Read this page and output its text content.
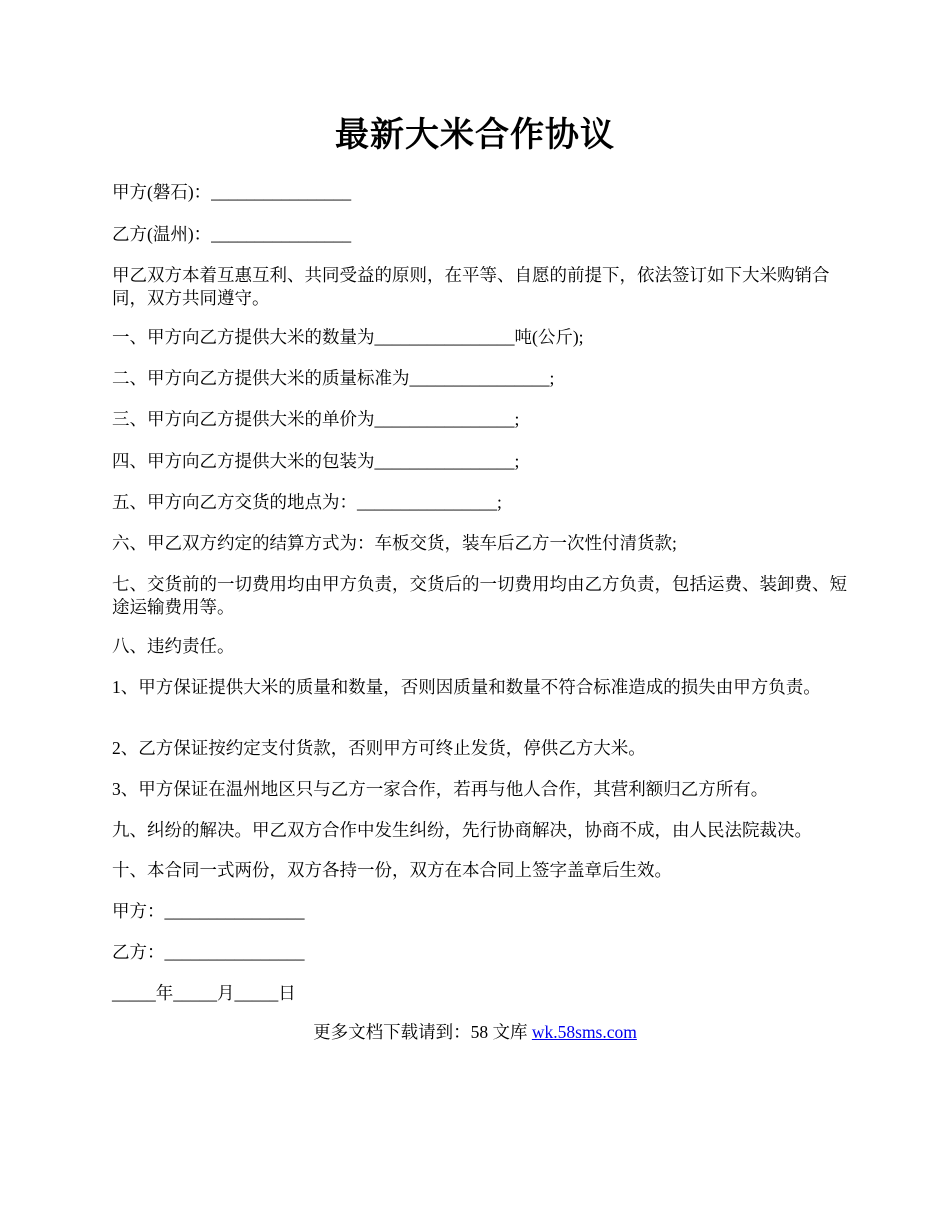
最新大米合作协议
甲方(磐石)：________________
乙方(温州)：________________
甲乙双方本着互惠互利、共同受益的原则，在平等、自愿的前提下，依法签订如下大米购销合同，双方共同遵守。
一、甲方向乙方提供大米的数量为________________吨(公斤);
二、甲方向乙方提供大米的质量标准为________________;
三、甲方向乙方提供大米的单价为________________;
四、甲方向乙方提供大米的包装为________________;
五、甲方向乙方交货的地点为：________________;
六、甲乙双方约定的结算方式为：车板交货，装车后乙方一次性付清货款;
七、交货前的一切费用均由甲方负责，交货后的一切费用均由乙方负责，包括运费、装卸费、短途运输费用等。
八、违约责任。
1、甲方保证提供大米的质量和数量，否则因质量和数量不符合标准造成的损失由甲方负责。
2、乙方保证按约定支付货款，否则甲方可终止发货，停供乙方大米。
3、甲方保证在温州地区只与乙方一家合作，若再与他人合作，其营利额归乙方所有。
九、纠纷的解决。甲乙双方合作中发生纠纷，先行协商解决，协商不成，由人民法院裁决。
十、本合同一式两份，双方各持一份，双方在本合同上签字盖章后生效。
甲方：________________
乙方：________________
_____年_____月_____日
更多文档下载请到：58 文库 wk.58sms.com
